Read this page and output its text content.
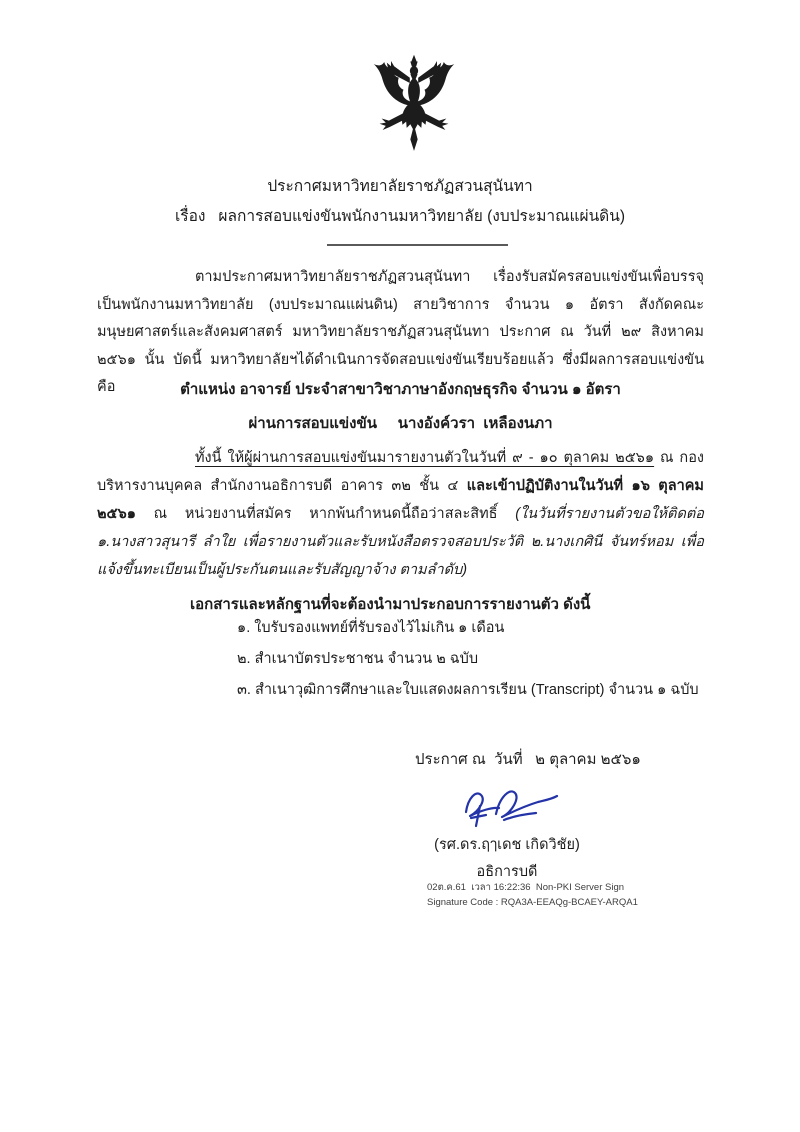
ประกาศมหาวิทยาลัยราชภัฏสวนสุนันทา
เรื่อง   ผลการสอบแข่งขันพนักงานมหาวิทยาลัย (งบประมาณแผ่นดิน)
ตามประกาศมหาวิทยาลัยราชภัฏสวนสุนันทา เรื่องรับสมัครสอบแข่งขันเพื่อบรรจุเป็นพนักงานมหาวิทยาลัย (งบประมาณแผ่นดิน) สายวิชาการ จำนวน ๑ อัตรา สังกัดคณะมนุษยศาสตร์และสังคมศาสตร์ มหาวิทยาลัยราชภัฏสวนสุนันทา ประกาศ ณ วันที่ ๒๙ สิงหาคม ๒๕๖๑ นั้น บัดนี้ มหาวิทยาลัยฯได้ดำเนินการจัดสอบแข่งขันเรียบร้อยแล้ว ซึ่งมีผลการสอบแข่งขัน คือ	ตำแหน่ง อาจารย์ ประจำสาขาวิชาภาษาอังกฤษธุรกิจ จำนวน ๑ อัตรา
ผ่านการสอบแข่งขัน     นางอังค์วรา  เหลืองนภา
ทั้งนี้ ให้ผู้ผ่านการสอบแข่งขันมารายงานตัวในวันที่ ๙ - ๑๐ ตุลาคม ๒๕๖๑ ณ กองบริหารงานบุคคล สำนักงานอธิการบดี อาคาร ๓๒ ชั้น ๔ และเข้าปฏิบัติงานในวันที่ ๑๖ ตุลาคม ๒๕๖๑ ณ หน่วยงานที่สมัคร หากพ้นกำหนดนี้ถือว่าสละสิทธิ์ (ในวันที่รายงานตัวขอให้ติดต่อ ๑.นางสาวสุนารี ลำใย เพื่อรายงานตัวและรับหนังสือตรวจสอบประวัติ ๒.นางเกศินี จันทร์หอม เพื่อแจ้งขึ้นทะเบียนเป็นผู้ประกันตนและรับสัญญาจ้าง ตามลำดับ)
เอกสารและหลักฐานที่จะต้องนำมาประกอบการรายงานตัว ดังนี้
๑. ใบรับรองแพทย์ที่รับรองไว้ไม่เกิน ๑ เดือน
๒. สำเนาบัตรประชาชน จำนวน ๒ ฉบับ
๓. สำเนาวุฒิการศึกษาและใบแสดงผลการเรียน (Transcript) จำนวน ๑ ฉบับ
ประกาศ ณ  วันที่   ๒ ตุลาคม ๒๕๖๑
(รศ.ดร.ฤๅเดช เกิดวิชัย)
อธิการบดี
02ต.ค.61  เวลา 16:22:36  Non-PKI Server Sign
Signature Code : RQA3A-EEAQg-BCAEY-ARQA1
